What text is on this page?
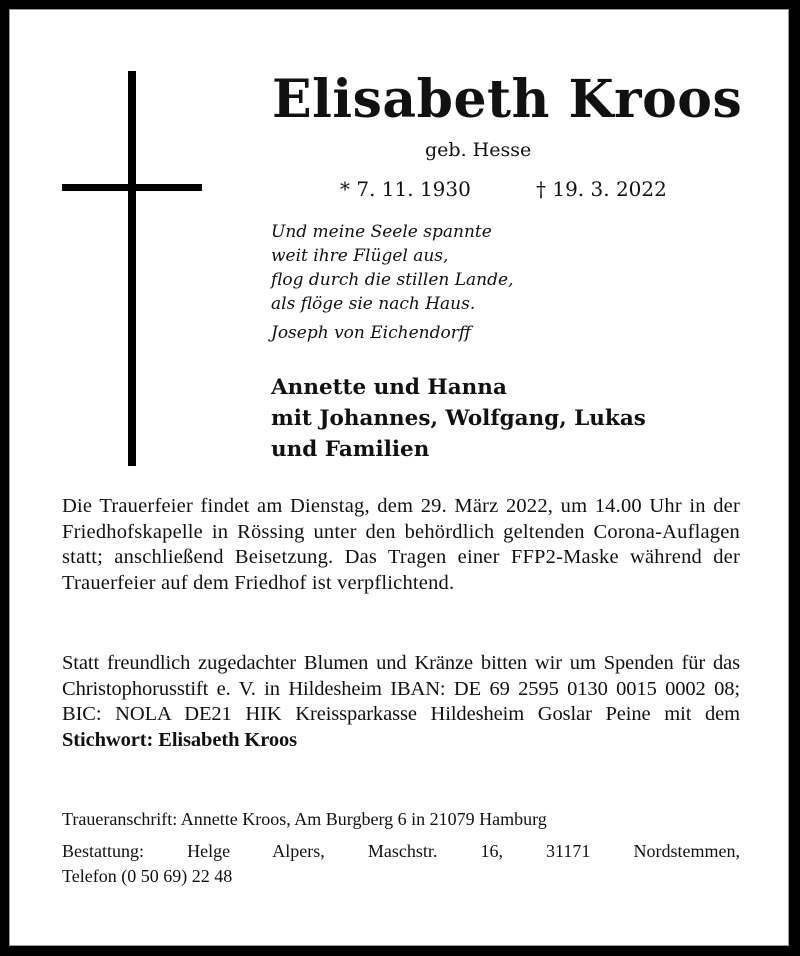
Elisabeth Kroos
geb. Hesse
* 7. 11. 1930	† 19. 3. 2022
Und meine Seele spannte
weit ihre Flügel aus,
flog durch die stillen Lande,
als flöge sie nach Haus.
Joseph von Eichendorff
Annette und Hanna
mit Johannes, Wolfgang, Lukas
und Familien
Die Trauerfeier findet am Dienstag, dem 29. März 2022, um 14.00 Uhr in der Friedhofskapelle in Rössing unter den behördlich geltenden Corona-Auflagen statt; anschließend Beisetzung. Das Tragen einer FFP2-Maske während der Trauerfeier auf dem Friedhof ist verpflichtend.
Statt freundlich zugedachter Blumen und Kränze bitten wir um Spenden für das Christophorusstift e. V. in Hildesheim IBAN: DE 69 2595 0130 0015 0002 08; BIC: NOLA DE21 HIK Kreissparkasse Hildesheim Goslar Peine mit dem Stichwort: Elisabeth Kroos
Traueranschrift: Annette Kroos, Am Burgberg 6 in 21079 Hamburg
Bestattung: Helge Alpers, Maschstr. 16, 31171 Nordstemmen,
Telefon (0 50 69) 22 48
